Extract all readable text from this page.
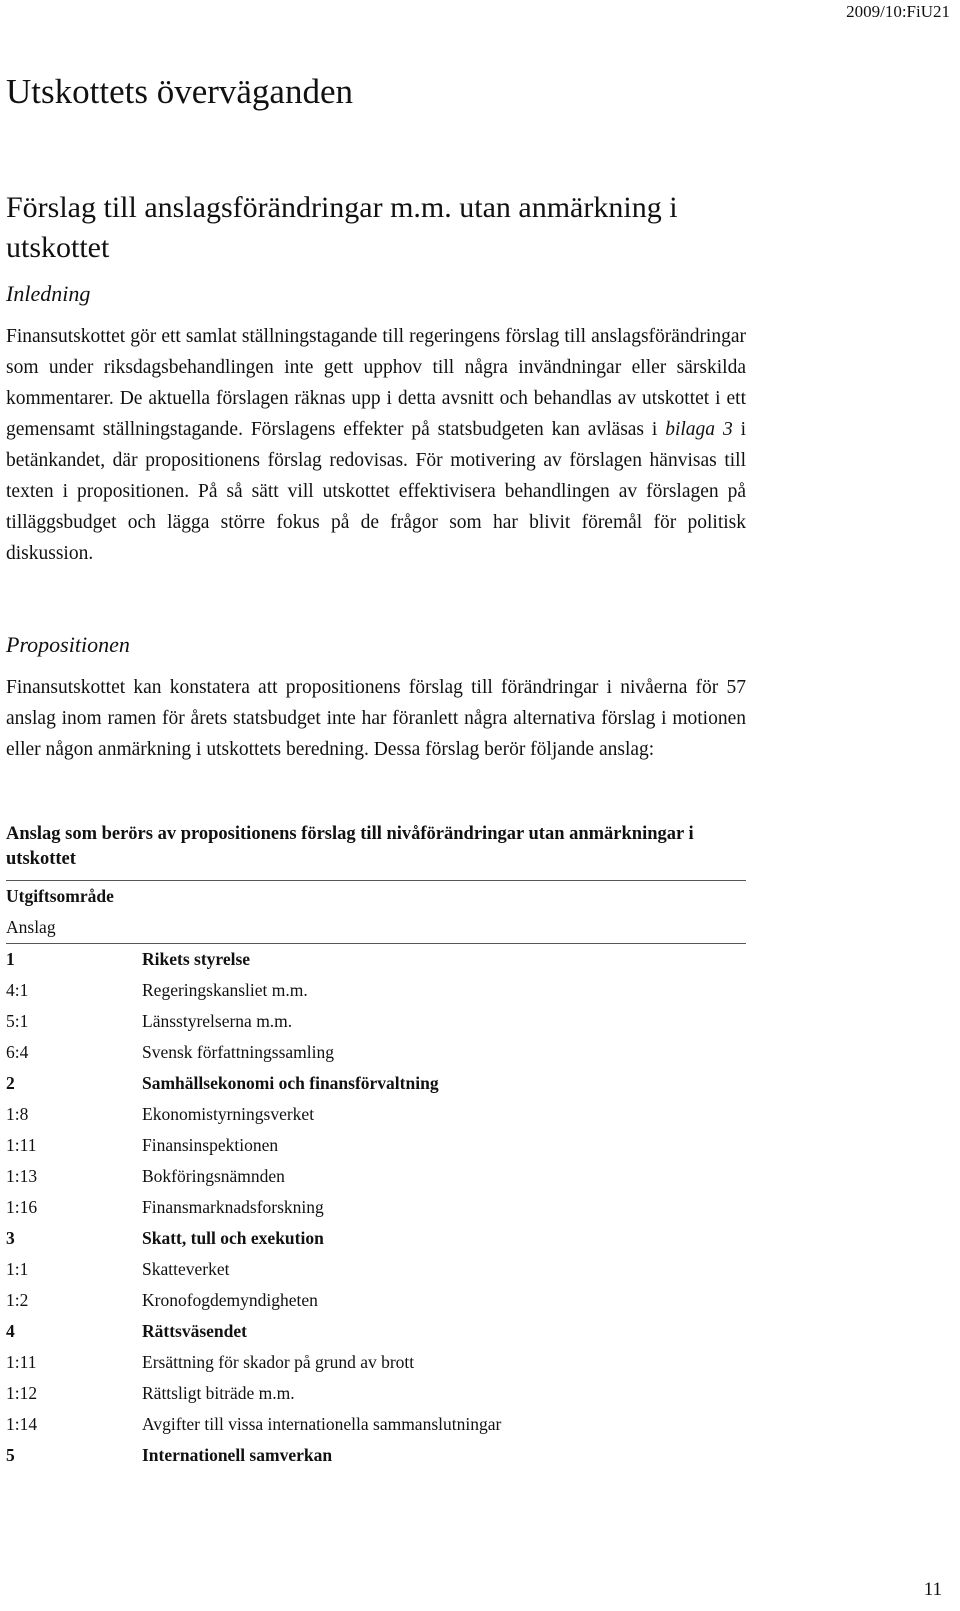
2009/10:FiU21
Utskottets överväganden
Förslag till anslagsförändringar m.m. utan anmärkning i utskottet
Inledning

Finansutskottet gör ett samlat ställningstagande till regeringens förslag till anslagsförändringar som under riksdagsbehandlingen inte gett upphov till några invändningar eller särskilda kommentarer. De aktuella förslagen räknas upp i detta avsnitt och behandlas av utskottet i ett gemensamt ställningstagande. Förslagens effekter på statsbudgeten kan avläsas i bilaga 3 i betänkandet, där propositionens förslag redovisas. För motivering av förslagen hänvisas till texten i propositionen. På så sätt vill utskottet effektivisera behandlingen av förslagen på tilläggsbudget och lägga större fokus på de frågor som har blivit föremål för politisk diskussion.

Propositionen

Finansutskottet kan konstatera att propositionens förslag till förändringar i nivåerna för 57 anslag inom ramen för årets statsbudget inte har föranlett några alternativa förslag i motionen eller någon anmärkning i utskottets beredning. Dessa förslag berör följande anslag:

Anslag som berörs av propositionens förslag till nivåförändringar utan anmärkningar i utskottet
Utgiftsområde
Anslag
1	Rikets styrelse
4:1	Regeringskansliet m.m.
5:1	Länsstyrelserna m.m.
6:4	Svensk författningssamling
2	Samhällsekonomi och finansförvaltning
1:8	Ekonomistyrningsverket
1:11	Finansinspektionen
1:13	Bokföringsnämnden
1:16	Finansmarknadsforskning
3	Skatt, tull och exekution
1:1	Skatteverket
1:2	Kronofogdemyndigheten
4	Rättsväsendet
1:11	Ersättning för skador på grund av brott
1:12	Rättsligt biträde m.m.
1:14	Avgifter till vissa internationella sammanslutningar
5	Internationell samverkan
11
